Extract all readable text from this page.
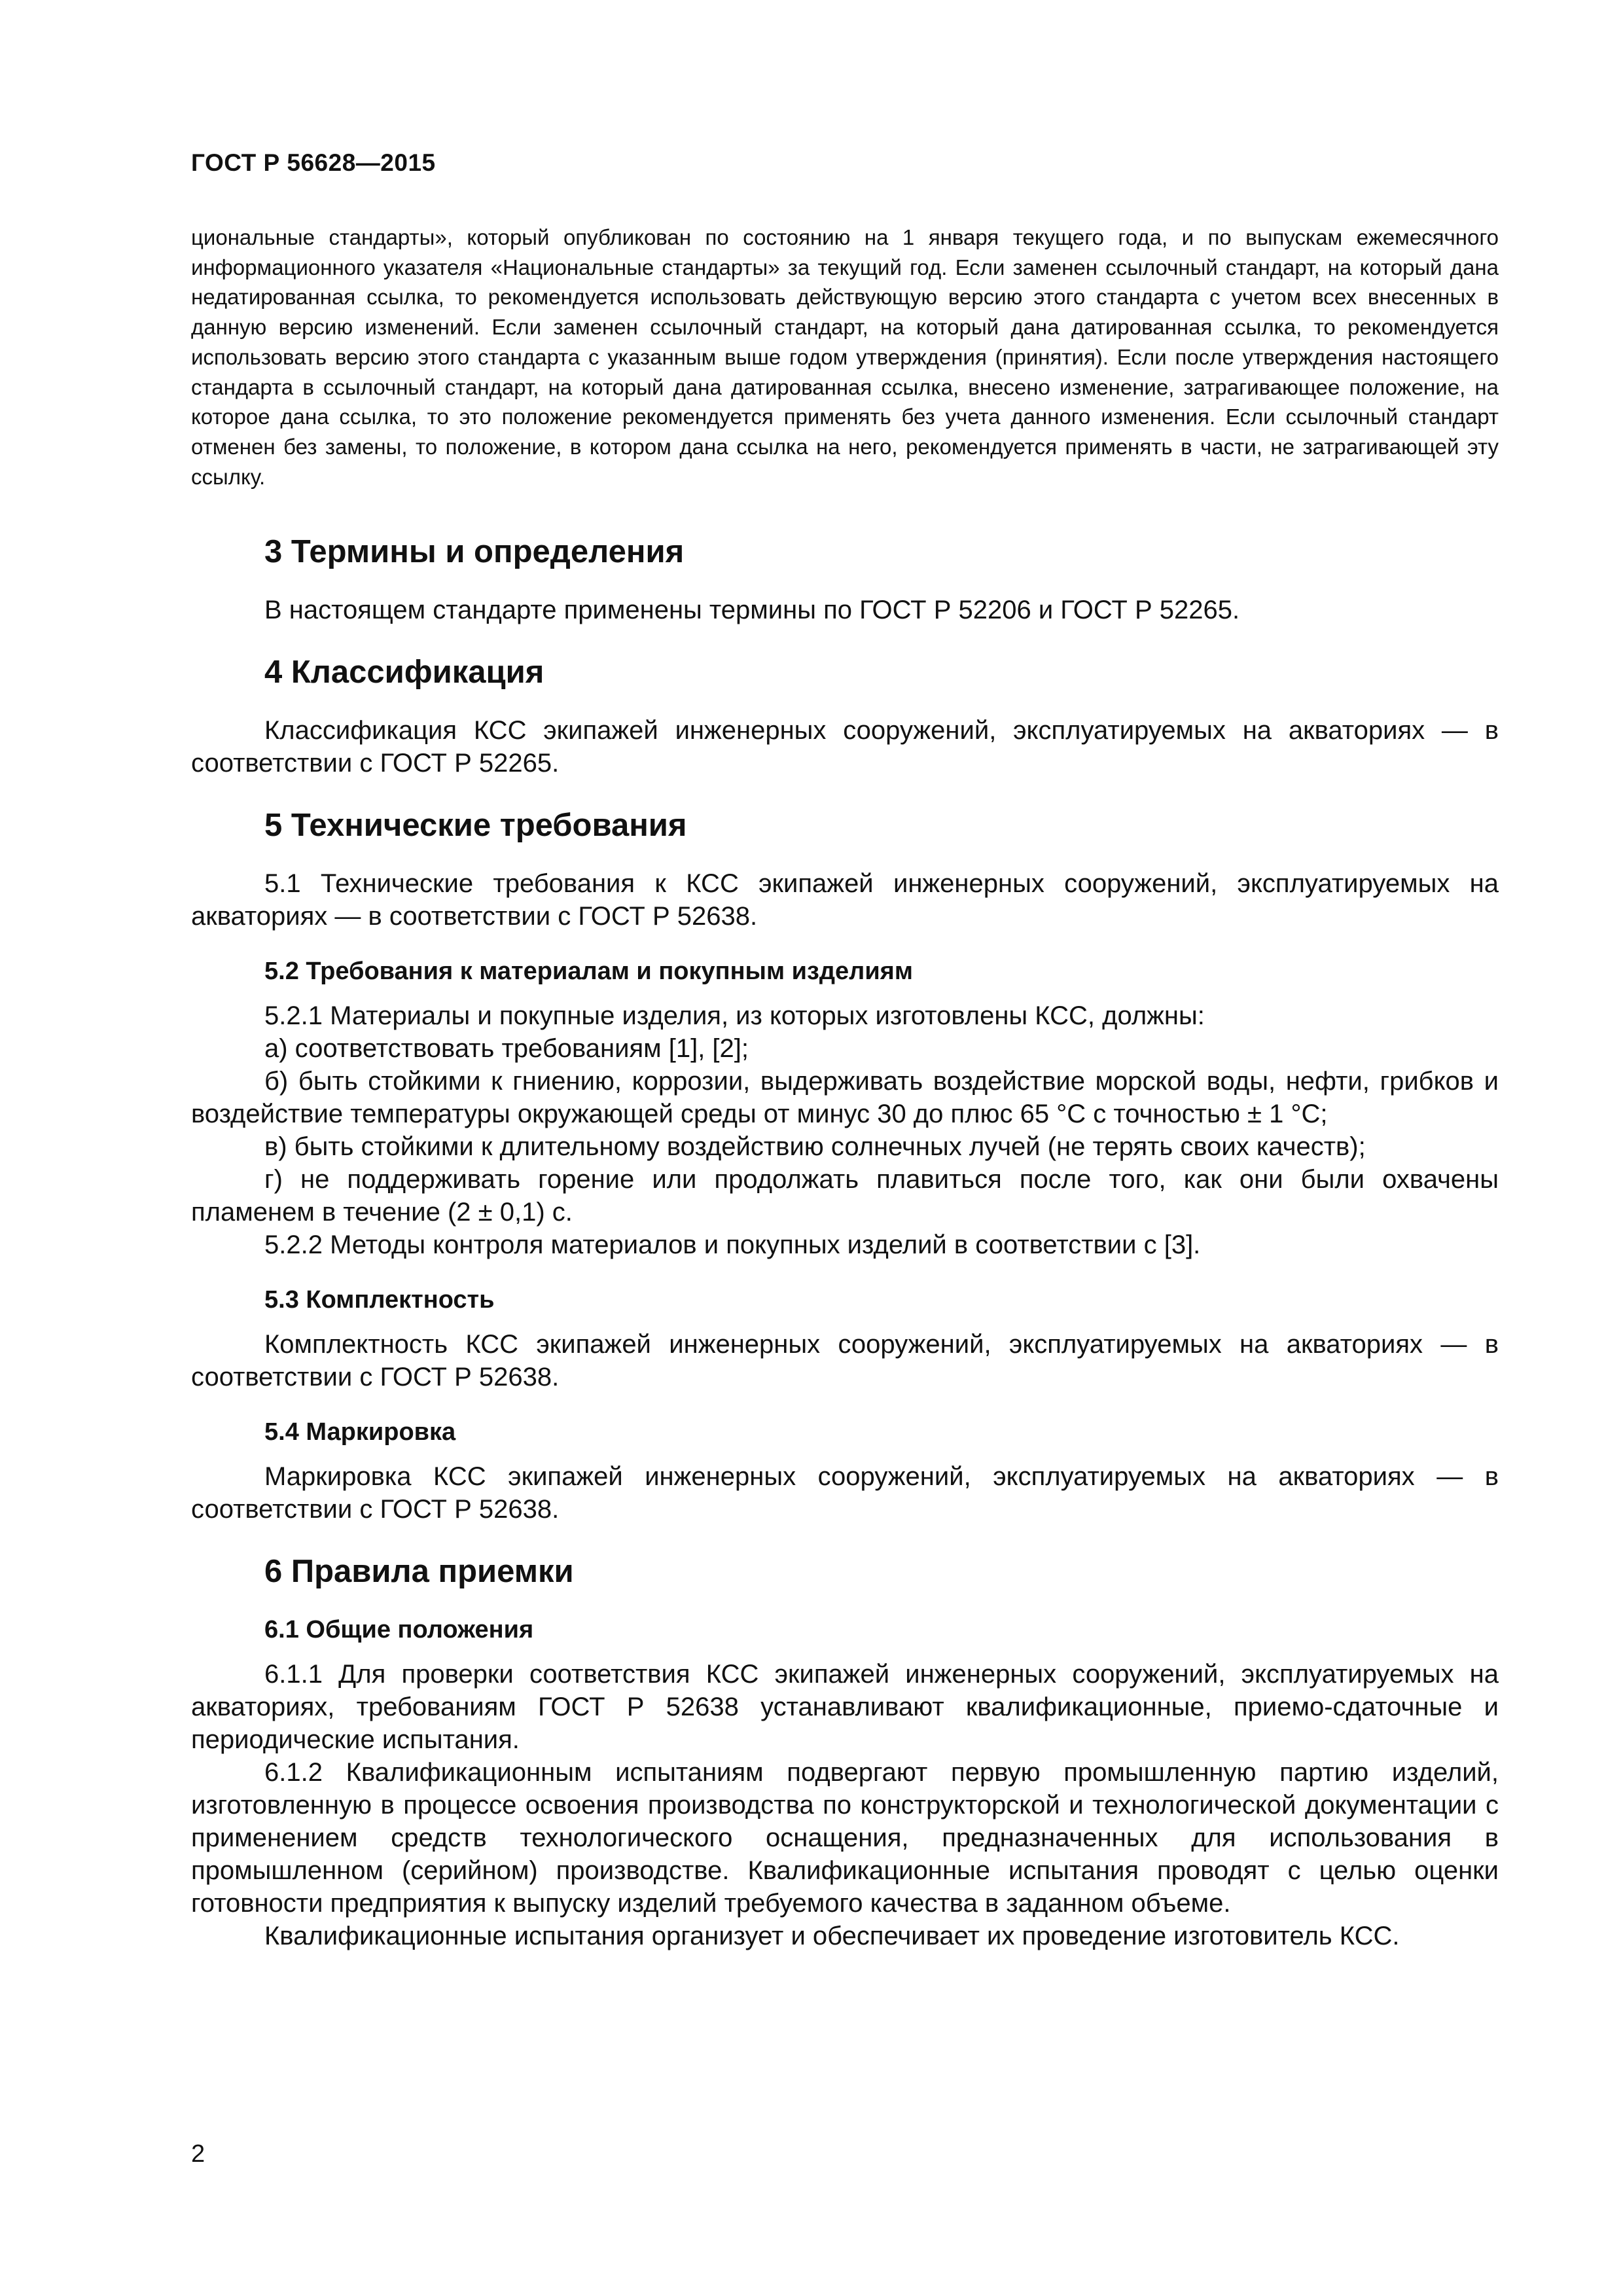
ГОСТ Р 56628—2015

циональные стандарты», который опубликован по состоянию на 1 января текущего года, и по выпускам ежемесячного информационного указателя «Национальные стандарты» за текущий год. Если заменен ссылочный стандарт, на который дана недатированная ссылка, то рекомендуется использовать действующую версию этого стандарта с учетом всех внесенных в данную версию изменений. Если заменен ссылочный стандарт, на который дана датированная ссылка, то рекомендуется использовать версию этого стандарта с указанным выше годом утверждения (принятия). Если после утверждения настоящего стандарта в ссылочный стандарт, на который дана датированная ссылка, внесено изменение, затрагивающее положение, на которое дана ссылка, то это положение рекомендуется применять без учета данного изменения. Если ссылочный стандарт отменен без замены, то положение, в котором дана ссылка на него, рекомендуется применять в части, не затрагивающей эту ссылку.

3 Термины и определения

В настоящем стандарте применены термины по ГОСТ Р 52206 и ГОСТ Р 52265.

4 Классификация

Классификация КСС экипажей инженерных сооружений, эксплуатируемых на акваториях — в соответствии с ГОСТ Р 52265.

5 Технические требования

5.1 Технические требования к КСС экипажей инженерных сооружений, эксплуатируемых на акваториях — в соответствии с ГОСТ Р 52638.

5.2 Требования к материалам и покупным изделиям

5.2.1 Материалы и покупные изделия, из которых изготовлены КСС, должны:

а) соответствовать требованиям [1], [2];

б) быть стойкими к гниению, коррозии, выдерживать воздействие морской воды, нефти, грибков и воздействие температуры окружающей среды от минус 30 до плюс 65 °С с точностью ± 1 °С;

в) быть стойкими к длительному воздействию солнечных лучей (не терять своих качеств);

г) не поддерживать горение или продолжать плавиться после того, как они были охвачены пламенем в течение (2 ± 0,1) с.

5.2.2 Методы контроля материалов и покупных изделий в соответствии с [3].

5.3 Комплектность

Комплектность КСС экипажей инженерных сооружений, эксплуатируемых на акваториях — в соответствии с ГОСТ Р 52638.

5.4 Маркировка

Маркировка КСС экипажей инженерных сооружений, эксплуатируемых на акваториях — в соответствии с ГОСТ Р 52638.

6 Правила приемки
6.1 Общие положения

6.1.1 Для проверки соответствия КСС экипажей инженерных сооружений, эксплуатируемых на акваториях, требованиям ГОСТ Р 52638 устанавливают квалификационные, приемо-сдаточные и периодические испытания.

6.1.2 Квалификационным испытаниям подвергают первую промышленную партию изделий, изготовленную в процессе освоения производства по конструкторской и технологической документации с применением средств технологического оснащения, предназначенных для использования в промышленном (серийном) производстве. Квалификационные испытания проводят с целью оценки готовности предприятия к выпуску изделий требуемого качества в заданном объеме.

Квалификационные испытания организует и обеспечивает их проведение изготовитель КСС.

2
